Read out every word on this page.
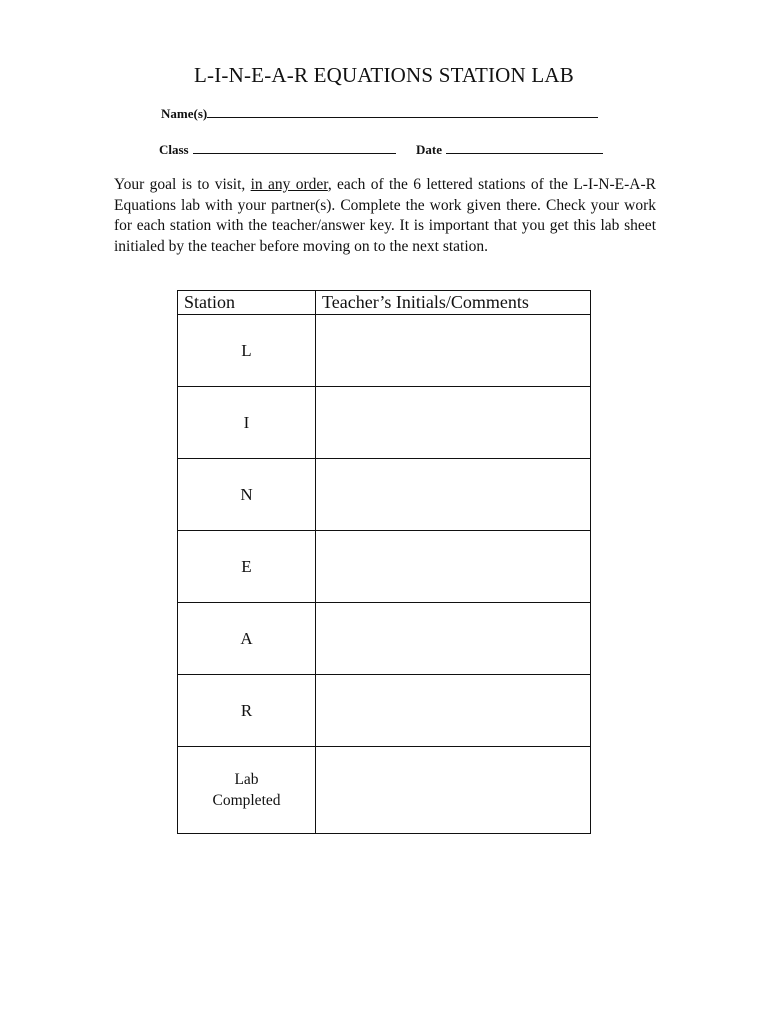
L-I-N-E-A-R EQUATIONS STATION LAB
Name(s)
Class	Date

Your goal is to visit, in any order, each of the 6 lettered stations of the L-I-N-E-A-R Equations lab with your partner(s). Complete the work given there. Check your work for each station with the teacher/answer key. It is important that you get this lab sheet initialed by the teacher before moving on to the next station.

Station	Teacher’s Initials/Comments
L	
I	
N	
E	
A	
R	
Lab
Completed	
